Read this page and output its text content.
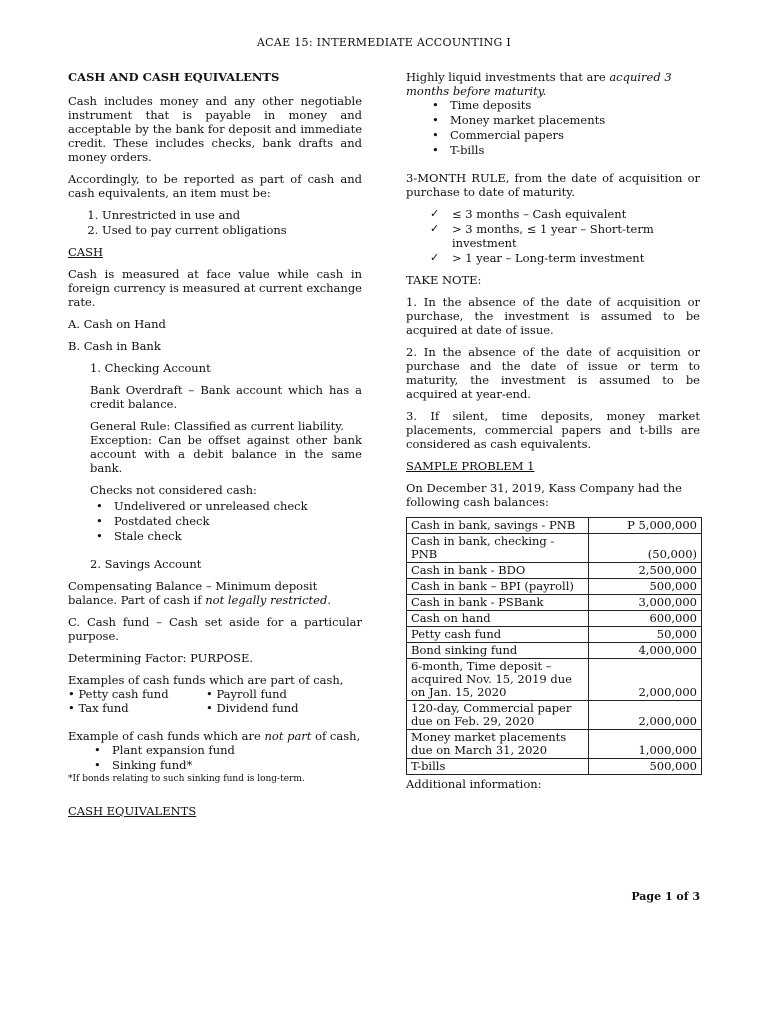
ACAE 15: INTERMEDIATE ACCOUNTING I

CASH AND CASH EQUIVALENTS

Cash includes money and any other negotiable instrument that is payable in money and acceptable by the bank for deposit and immediate credit. These includes checks, bank drafts and money orders.

Accordingly, to be reported as part of cash and cash equivalents, an item must be:

1. Unrestricted in use and
2. Used to pay current obligations

CASH

Cash is measured at face value while cash in foreign currency is measured at current exchange rate.

A. Cash on Hand

B. Cash in Bank

1. Checking Account

Bank Overdraft – Bank account which has a credit balance.

General Rule: Classified as current liability.

Exception: Can be offset against other bank account with a debit balance in the same bank.

Checks not considered cash:

• Undelivered or unreleased check
• Postdated check
• Stale check

2. Savings Account

Compensating Balance – Minimum deposit balance. Part of cash if not legally restricted.

C. Cash fund – Cash set aside for a particular purpose.

Determining Factor: PURPOSE.

Examples of cash funds which are part of cash,

• Petty cash fund	• Payroll fund
• Tax fund	• Dividend fund

Example of cash funds which are not part of cash,

• Plant expansion fund
• Sinking fund*

*If bonds relating to such sinking fund is long-term.

CASH EQUIVALENTS

Highly liquid investments that are acquired 3 months before maturity.

• Time deposits
• Money market placements
• Commercial papers
• T-bills

3-MONTH RULE, from the date of acquisition or purchase to date of maturity.

✓ ≤ 3 months – Cash equivalent
✓ > 3 months, ≤ 1 year – Short-term investment
✓ > 1 year – Long-term investment

TAKE NOTE:

1. In the absence of the date of acquisition or purchase, the investment is assumed to be acquired at date of issue.

2. In the absence of the date of acquisition or purchase and the date of issue or term to maturity, the investment is assumed to be acquired at year-end.

3. If silent, time deposits, money market placements, commercial papers and t-bills are considered as cash equivalents.

SAMPLE PROBLEM 1

On December 31, 2019, Kass Company had the following cash balances:

Cash in bank, savings - PNB	P 5,000,000
Cash in bank, checking - PNB	(50,000)
Cash in bank - BDO	2,500,000
Cash in bank – BPI (payroll)	500,000
Cash in bank - PSBank	3,000,000
Cash on hand	600,000
Petty cash fund	50,000
Bond sinking fund	4,000,000
6-month, Time deposit – acquired Nov. 15, 2019 due on Jan. 15, 2020	2,000,000
120-day, Commercial paper due on Feb. 29, 2020	2,000,000
Money market placements due on March 31, 2020	1,000,000
T-bills	500,000

Additional information:

Page 1 of 3
